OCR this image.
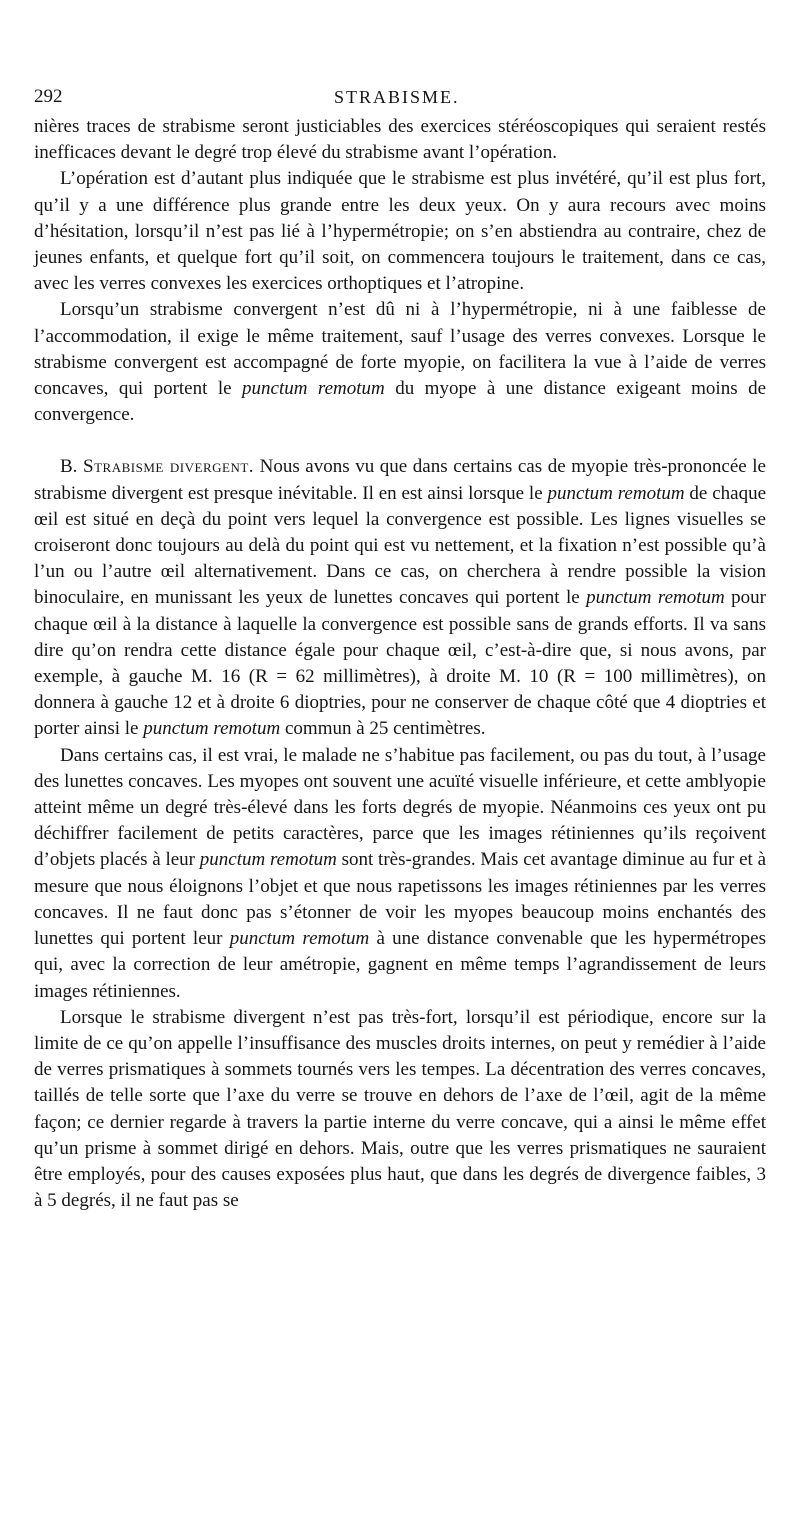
292	STRABISME.

nières traces de strabisme seront justiciables des exercices stéréoscopiques qui seraient restés inefficaces devant le degré trop élevé du strabisme avant l’opération.

L’opération est d’autant plus indiquée que le strabisme est plus invétéré, qu’il est plus fort, qu’il y a une différence plus grande entre les deux yeux. On y aura recours avec moins d’hésitation, lorsqu’il n’est pas lié à l’hypermétropie; on s’en abstiendra au contraire, chez de jeunes enfants, et quelque fort qu’il soit, on commencera toujours le traitement, dans ce cas, avec les verres convexes les exercices orthoptiques et l’atropine.

Lorsqu’un strabisme convergent n’est dû ni à l’hypermétropie, ni à une faiblesse de l’accommodation, il exige le même traitement, sauf l’usage des verres convexes. Lorsque le strabisme convergent est accompagné de forte myopie, on facilitera la vue à l’aide de verres concaves, qui portent le punctum remotum du myope à une distance exigeant moins de convergence.

B. Strabisme divergent. Nous avons vu que dans certains cas de myopie très-prononcée le strabisme divergent est presque inévitable. Il en est ainsi lorsque le punctum remotum de chaque œil est situé en deçà du point vers lequel la convergence est possible. Les lignes visuelles se croiseront donc toujours au delà du point qui est vu nettement, et la fixation n’est possible qu’à l’un ou l’autre œil alternativement. Dans ce cas, on cherchera à rendre possible la vision binoculaire, en munissant les yeux de lunettes concaves qui portent le punctum remotum pour chaque œil à la distance à laquelle la convergence est possible sans de grands efforts. Il va sans dire qu’on rendra cette distance égale pour chaque œil, c’est-à-dire que, si nous avons, par exemple, à gauche M. 16 (R = 62 millimètres), à droite M. 10 (R = 100 millimètres), on donnera à gauche 12 et à droite 6 dioptries, pour ne conserver de chaque côté que 4 dioptries et porter ainsi le punctum remotum commun à 25 centimètres.

Dans certains cas, il est vrai, le malade ne s’habitue pas facilement, ou pas du tout, à l’usage des lunettes concaves. Les myopes ont souvent une acuïté visuelle inférieure, et cette amblyopie atteint même un degré très-élevé dans les forts degrés de myopie. Néanmoins ces yeux ont pu déchiffrer facilement de petits caractères, parce que les images rétiniennes qu’ils reçoivent d’objets placés à leur punctum remotum sont très-grandes. Mais cet avantage diminue au fur et à mesure que nous éloignons l’objet et que nous rapetissons les images rétiniennes par les verres concaves. Il ne faut donc pas s’étonner de voir les myopes beaucoup moins enchantés des lunettes qui portent leur punctum remotum à une distance convenable que les hypermétropes qui, avec la correction de leur amétropie, gagnent en même temps l’agrandissement de leurs images rétiniennes.

Lorsque le strabisme divergent n’est pas très-fort, lorsqu’il est périodique, encore sur la limite de ce qu’on appelle l’insuffisance des muscles droits internes, on peut y remédier à l’aide de verres prismatiques à sommets tournés vers les tempes. La décentration des verres concaves, taillés de telle sorte que l’axe du verre se trouve en dehors de l’axe de l’œil, agit de la même façon; ce dernier regarde à travers la partie interne du verre concave, qui a ainsi le même effet qu’un prisme à sommet dirigé en dehors. Mais, outre que les verres prismatiques ne sauraient être employés, pour des causes exposées plus haut, que dans les degrés de divergence faibles, 3 à 5 degrés, il ne faut pas se
